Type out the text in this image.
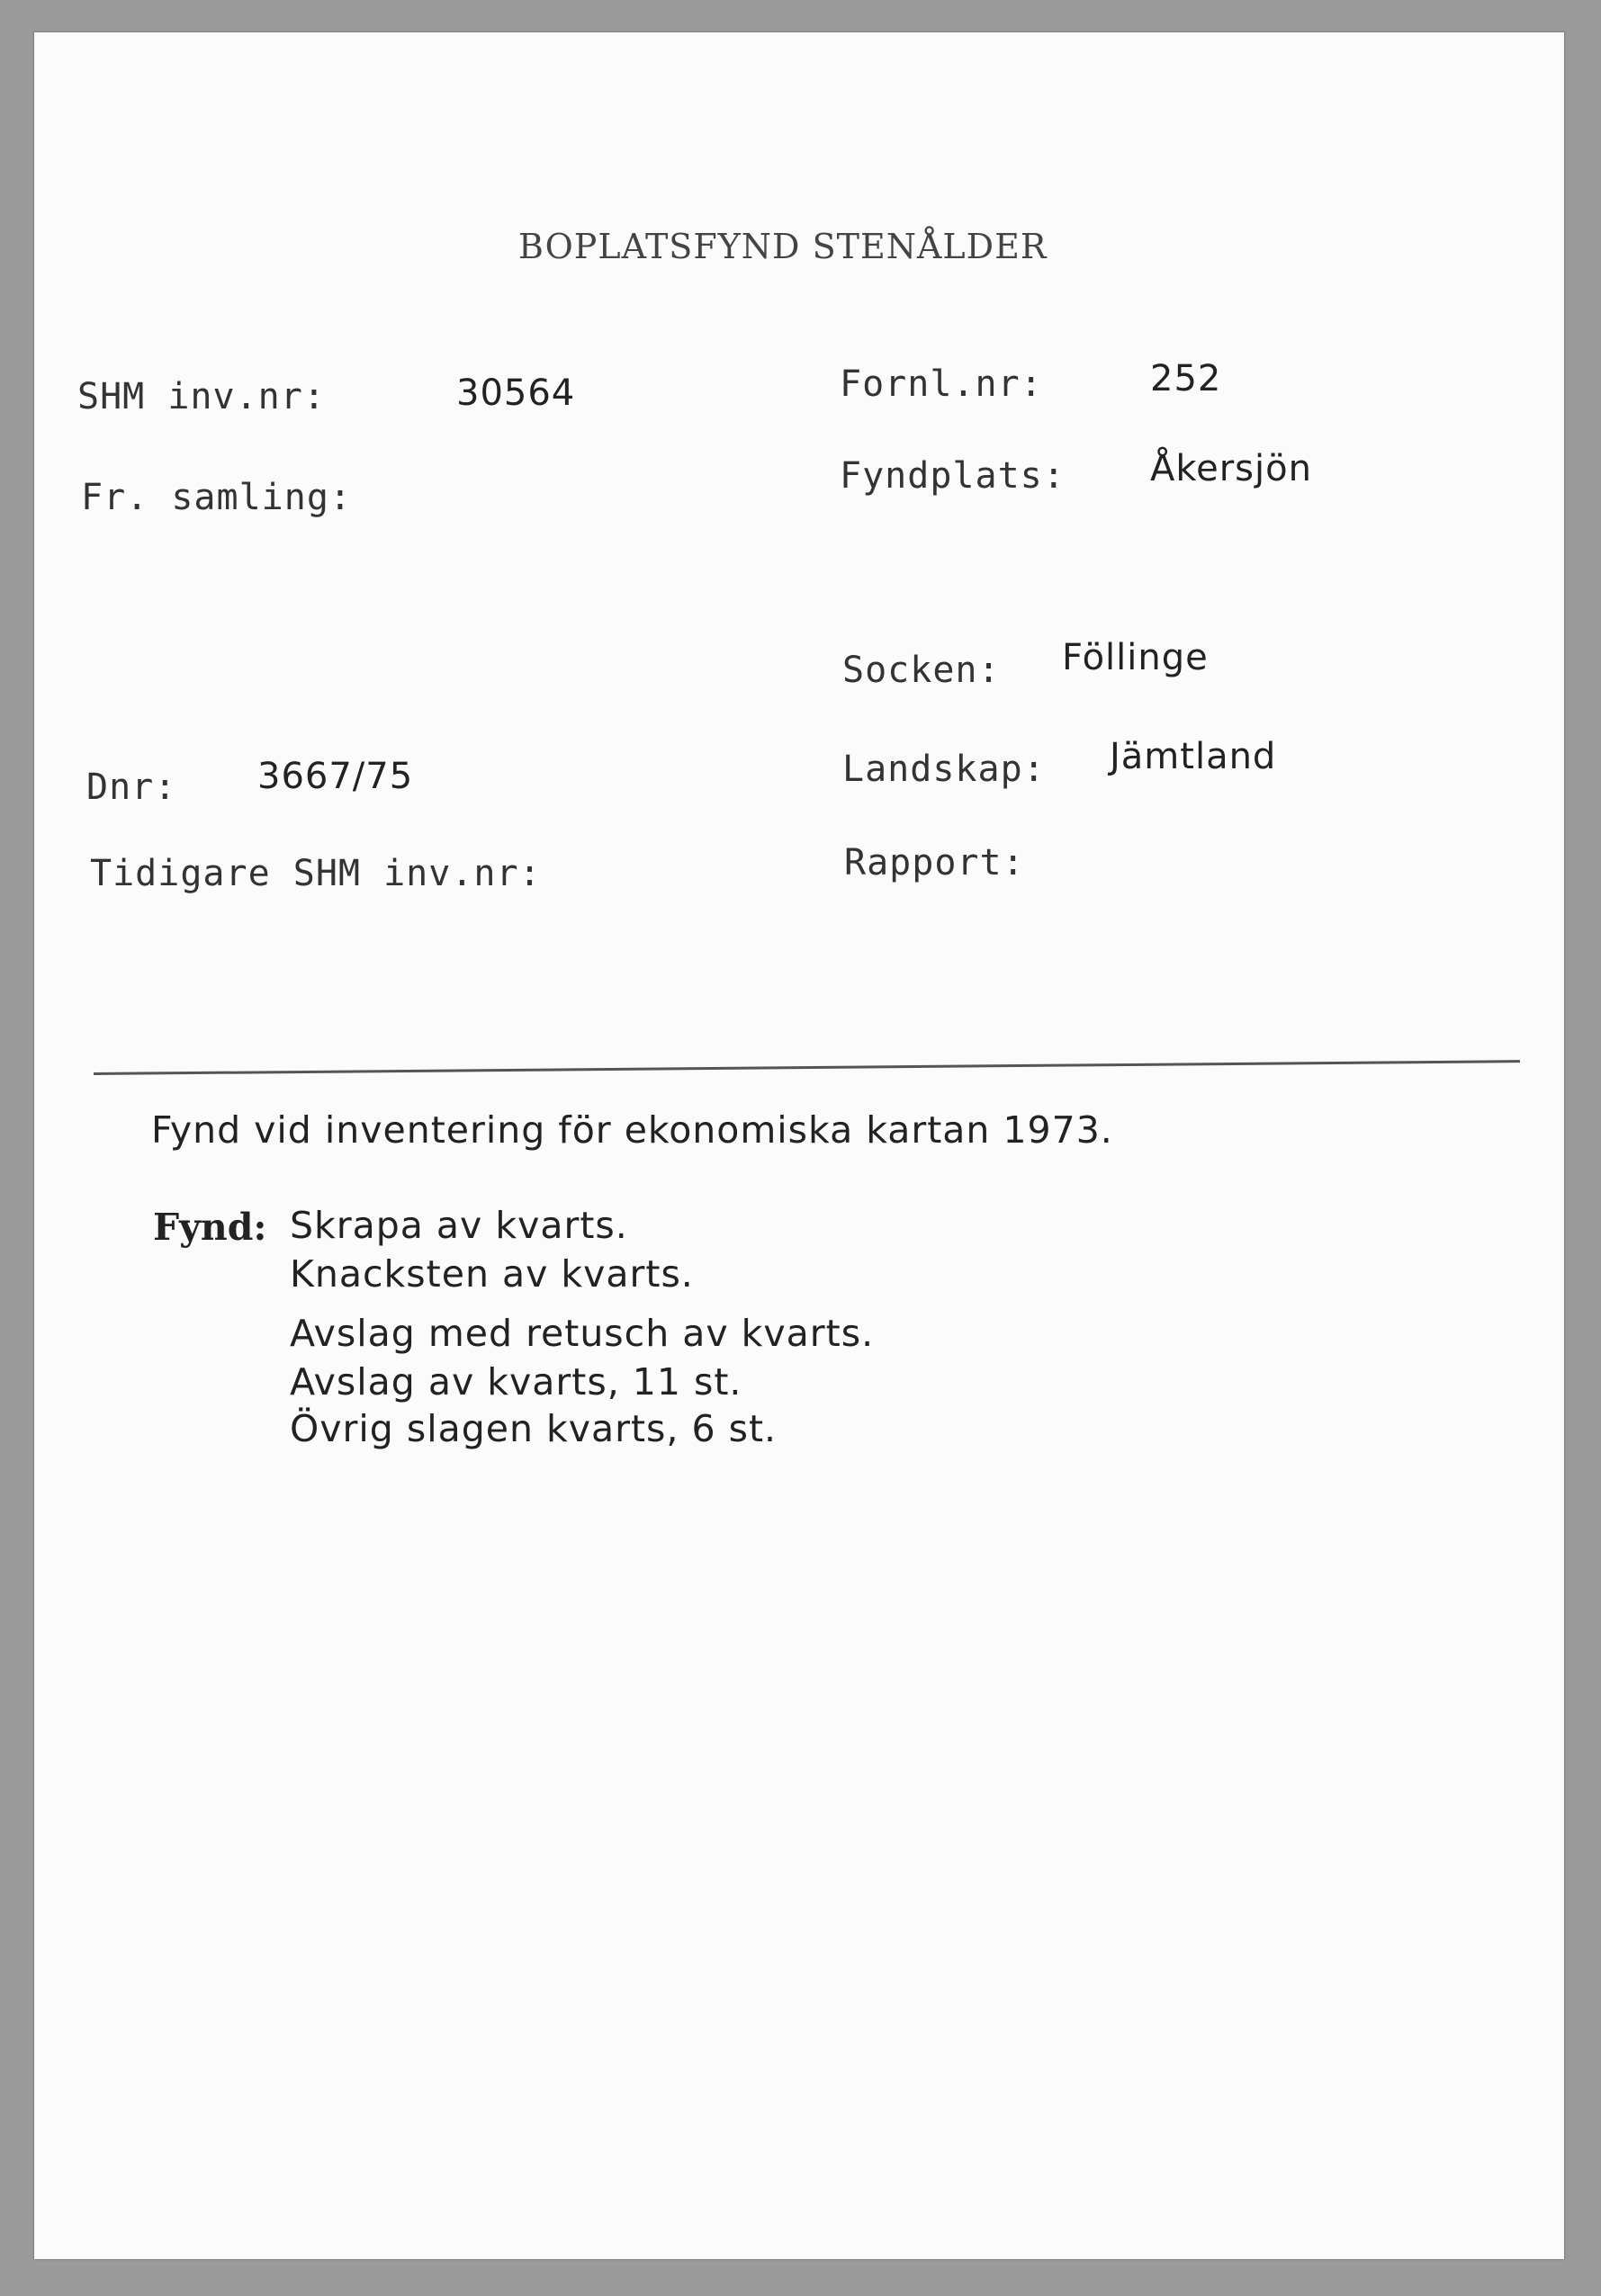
BOPLATSFYND STENÅLDER
SHM inv.nr:	30564	Fornl.nr:	252
Fr. samling:
Fyndplats: Åkersjön
Socken: Föllinge
Dnr: 3667/75	Landskap: Jämtland
Tidigare SHM inv.nr:	Rapport:
Fynd vid inventering för ekonomiska kartan 1973.
Fynd: Skrapa av kvarts.
Knacksten av kvarts.
Avslag med retusch av kvarts.
Avslag av kvarts, 11 st.
Övrig slagen kvarts, 6 st.
